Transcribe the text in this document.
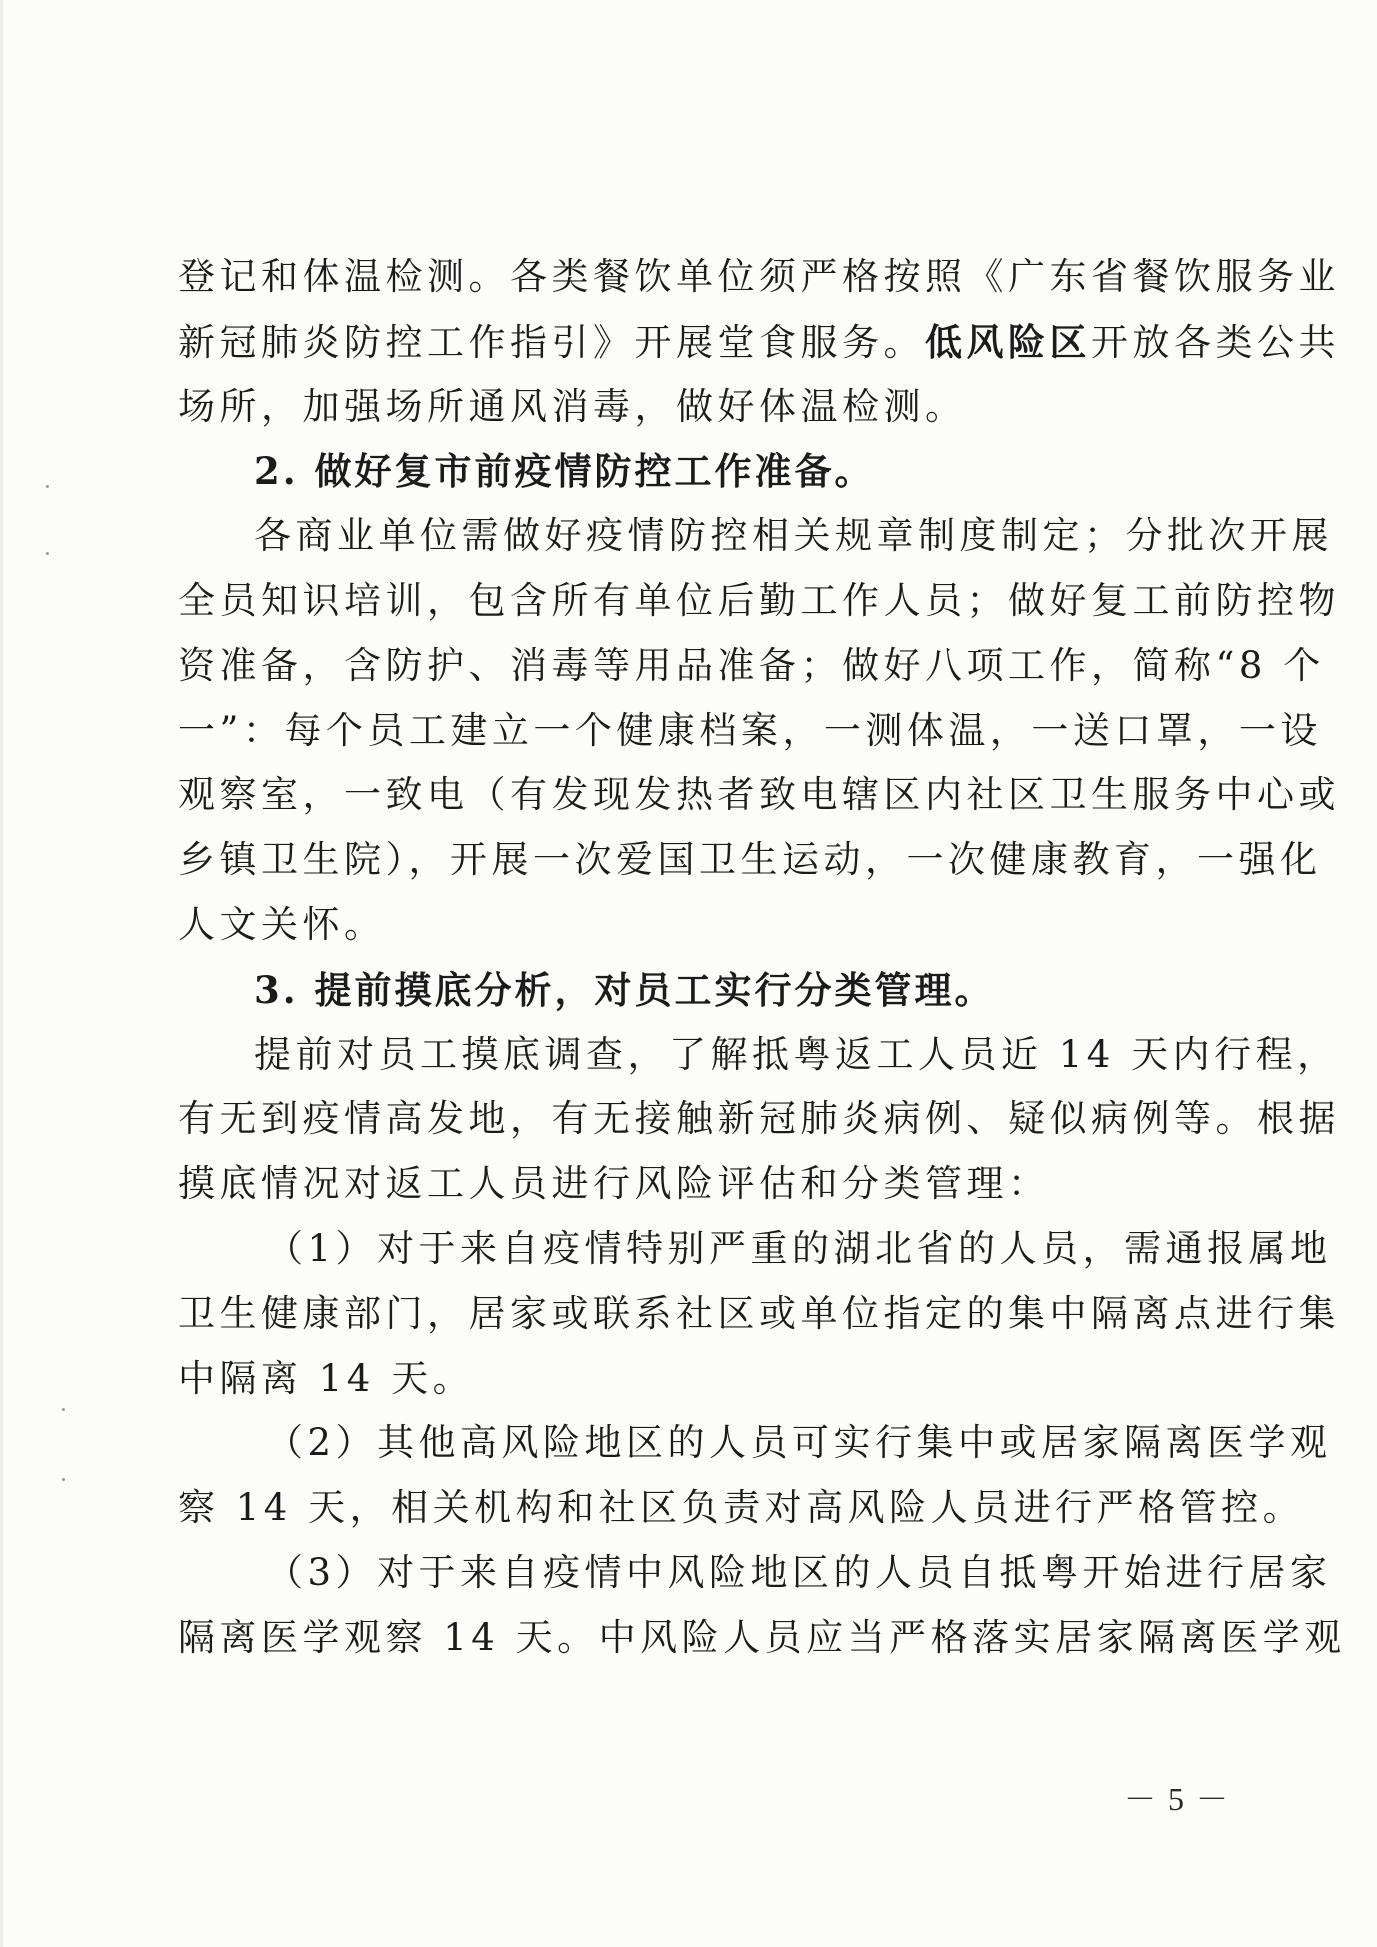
登记和体温检测。各类餐饮单位须严格按照《广东省餐饮服务业
新冠肺炎防控工作指引》开展堂食服务。低风险区开放各类公共
场所，加强场所通风消毒，做好体温检测。
2. 做好复市前疫情防控工作准备。
各商业单位需做好疫情防控相关规章制度制定；分批次开展
全员知识培训，包含所有单位后勤工作人员；做好复工前防控物
资准备，含防护、消毒等用品准备；做好八项工作，简称“8 个
一”：每个员工建立一个健康档案，一测体温，一送口罩，一设
观察室，一致电（有发现发热者致电辖区内社区卫生服务中心或
乡镇卫生院），开展一次爱国卫生运动，一次健康教育，一强化
人文关怀。
3. 提前摸底分析，对员工实行分类管理。
提前对员工摸底调查，了解抵粤返工人员近 14 天内行程，
有无到疫情高发地，有无接触新冠肺炎病例、疑似病例等。根据
摸底情况对返工人员进行风险评估和分类管理：
（1）对于来自疫情特别严重的湖北省的人员，需通报属地
卫生健康部门，居家或联系社区或单位指定的集中隔离点进行集
中隔离 14 天。
（2）其他高风险地区的人员可实行集中或居家隔离医学观
察 14 天，相关机构和社区负责对高风险人员进行严格管控。
（3）对于来自疫情中风险地区的人员自抵粤开始进行居家
隔离医学观察 14 天。中风险人员应当严格落实居家隔离医学观
－ 5 －
